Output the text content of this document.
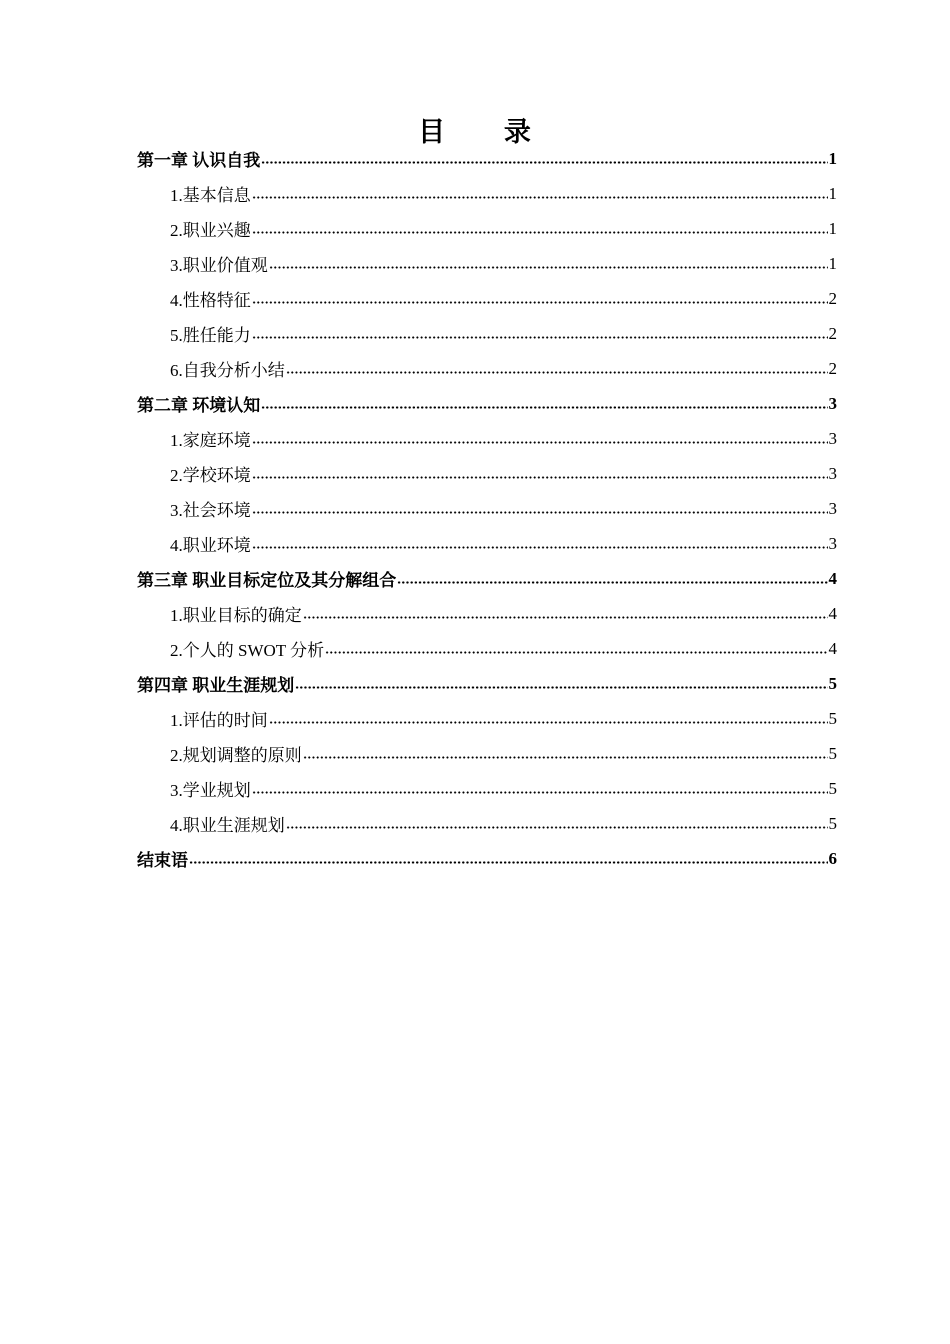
目 录
第一章 认识自我	1
1.基本信息	1
2.职业兴趣	1
3.职业价值观	1
4.性格特征	2
5.胜任能力	2
6.自我分析小结	2
第二章 环境认知	3
1.家庭环境	3
2.学校环境	3
3.社会环境	3
4.职业环境	3
第三章 职业目标定位及其分解组合	4
1.职业目标的确定	4
2.个人的 SWOT 分析	4
第四章 职业生涯规划	5
1.评估的时间	5
2.规划调整的原则	5
3.学业规划	5
4.职业生涯规划	5
结束语	6
